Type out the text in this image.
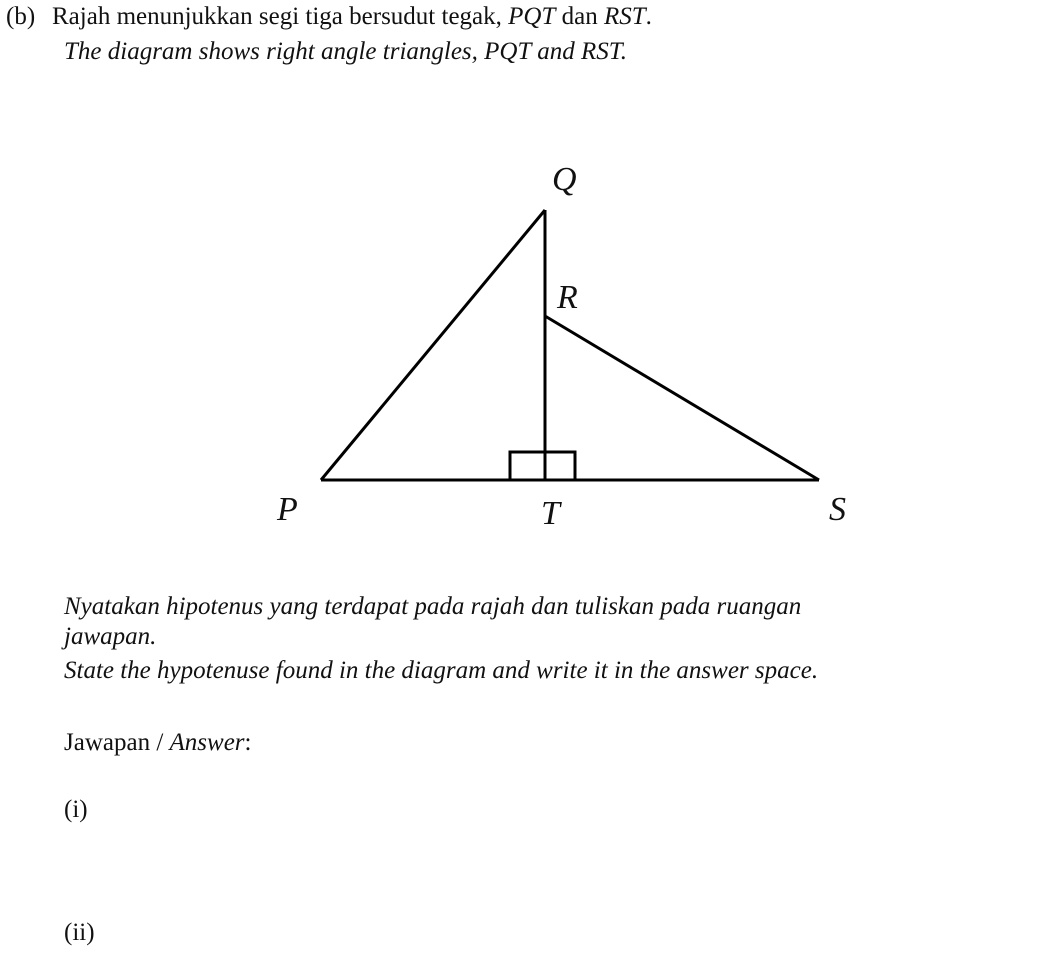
(b) Rajah menunjukkan segi tiga bersudut tegak, PQT dan RST.
The diagram shows right angle triangles, PQT and RST.
Q
R
P	T	S
Nyatakan hipotenus yang terdapat pada rajah dan tuliskan pada ruangan
jawapan.
State the hypotenuse found in the diagram and write it in the answer space.
Jawapan / Answer:
(i)
(ii)
